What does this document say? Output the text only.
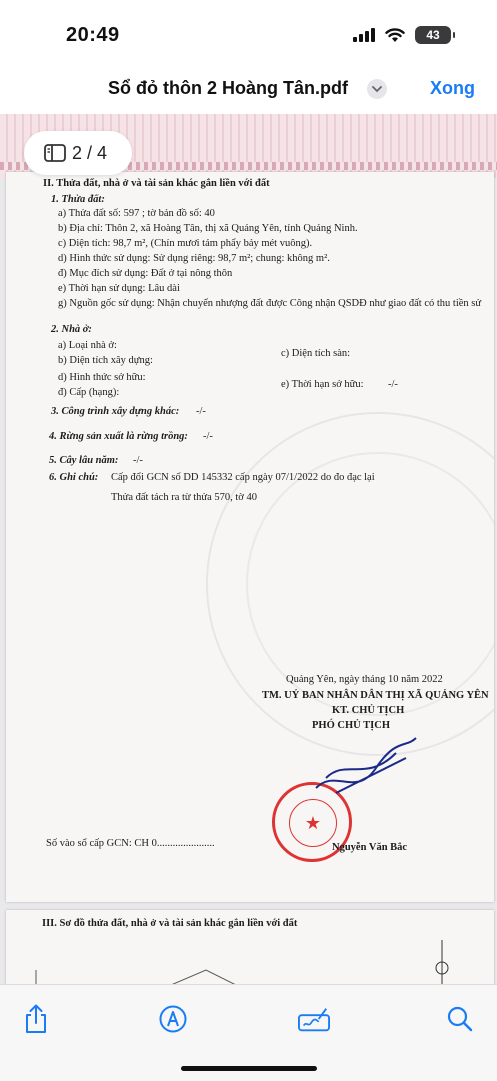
20:49	43
Sổ đỏ thôn 2 Hoàng Tân.pdf	Xong
II. Thửa đất, nhà ở và tài sản khác gắn liền với đất
1. Thửa đất:
a) Thửa đất số: 597 ; tờ bản đồ số: 40
b) Địa chỉ: Thôn 2, xã Hoàng Tân, thị xã Quảng Yên, tỉnh Quảng Ninh.
c) Diện tích: 98,7 m², (Chín mươi tám phẩy bảy mét vuông).
d) Hình thức sử dụng: Sử dụng riêng: 98,7 m²; chung: không m².
đ) Mục đích sử dụng: Đất ở tại nông thôn
e) Thời hạn sử dụng: Lâu dài
g) Nguồn gốc sử dụng: Nhận chuyển nhượng đất được Công nhận QSDĐ như giao đất có thu tiền sử
2. Nhà ở:
a) Loại nhà ở:
c) Diện tích sàn:
b) Diện tích xây dựng:
d) Hình thức sở hữu:
đ) Cấp (hạng):
e) Thời hạn sở hữu: -/-
3. Công trình xây dựng khác: -/-
4. Rừng sản xuất là rừng trồng: -/-
5. Cây lâu năm: -/-
6. Ghi chú: Cấp đổi GCN số DD 145332 cấp ngày 07/1/2022 do đo đạc lại
Thửa đất tách ra từ thửa 570, tờ 40
Quảng Yên, ngày tháng 10 năm 2022
TM. UỶ BAN NHÂN DÂN THỊ XÃ QUẢNG YÊN
KT. CHỦ TỊCH
PHÓ CHỦ TỊCH
★
Số vào sổ cấp GCN: CH 0......................	Nguyễn Văn Bắc
III. Sơ đồ thửa đất, nhà ở và tài sản khác gắn liền với đất
2 / 4
